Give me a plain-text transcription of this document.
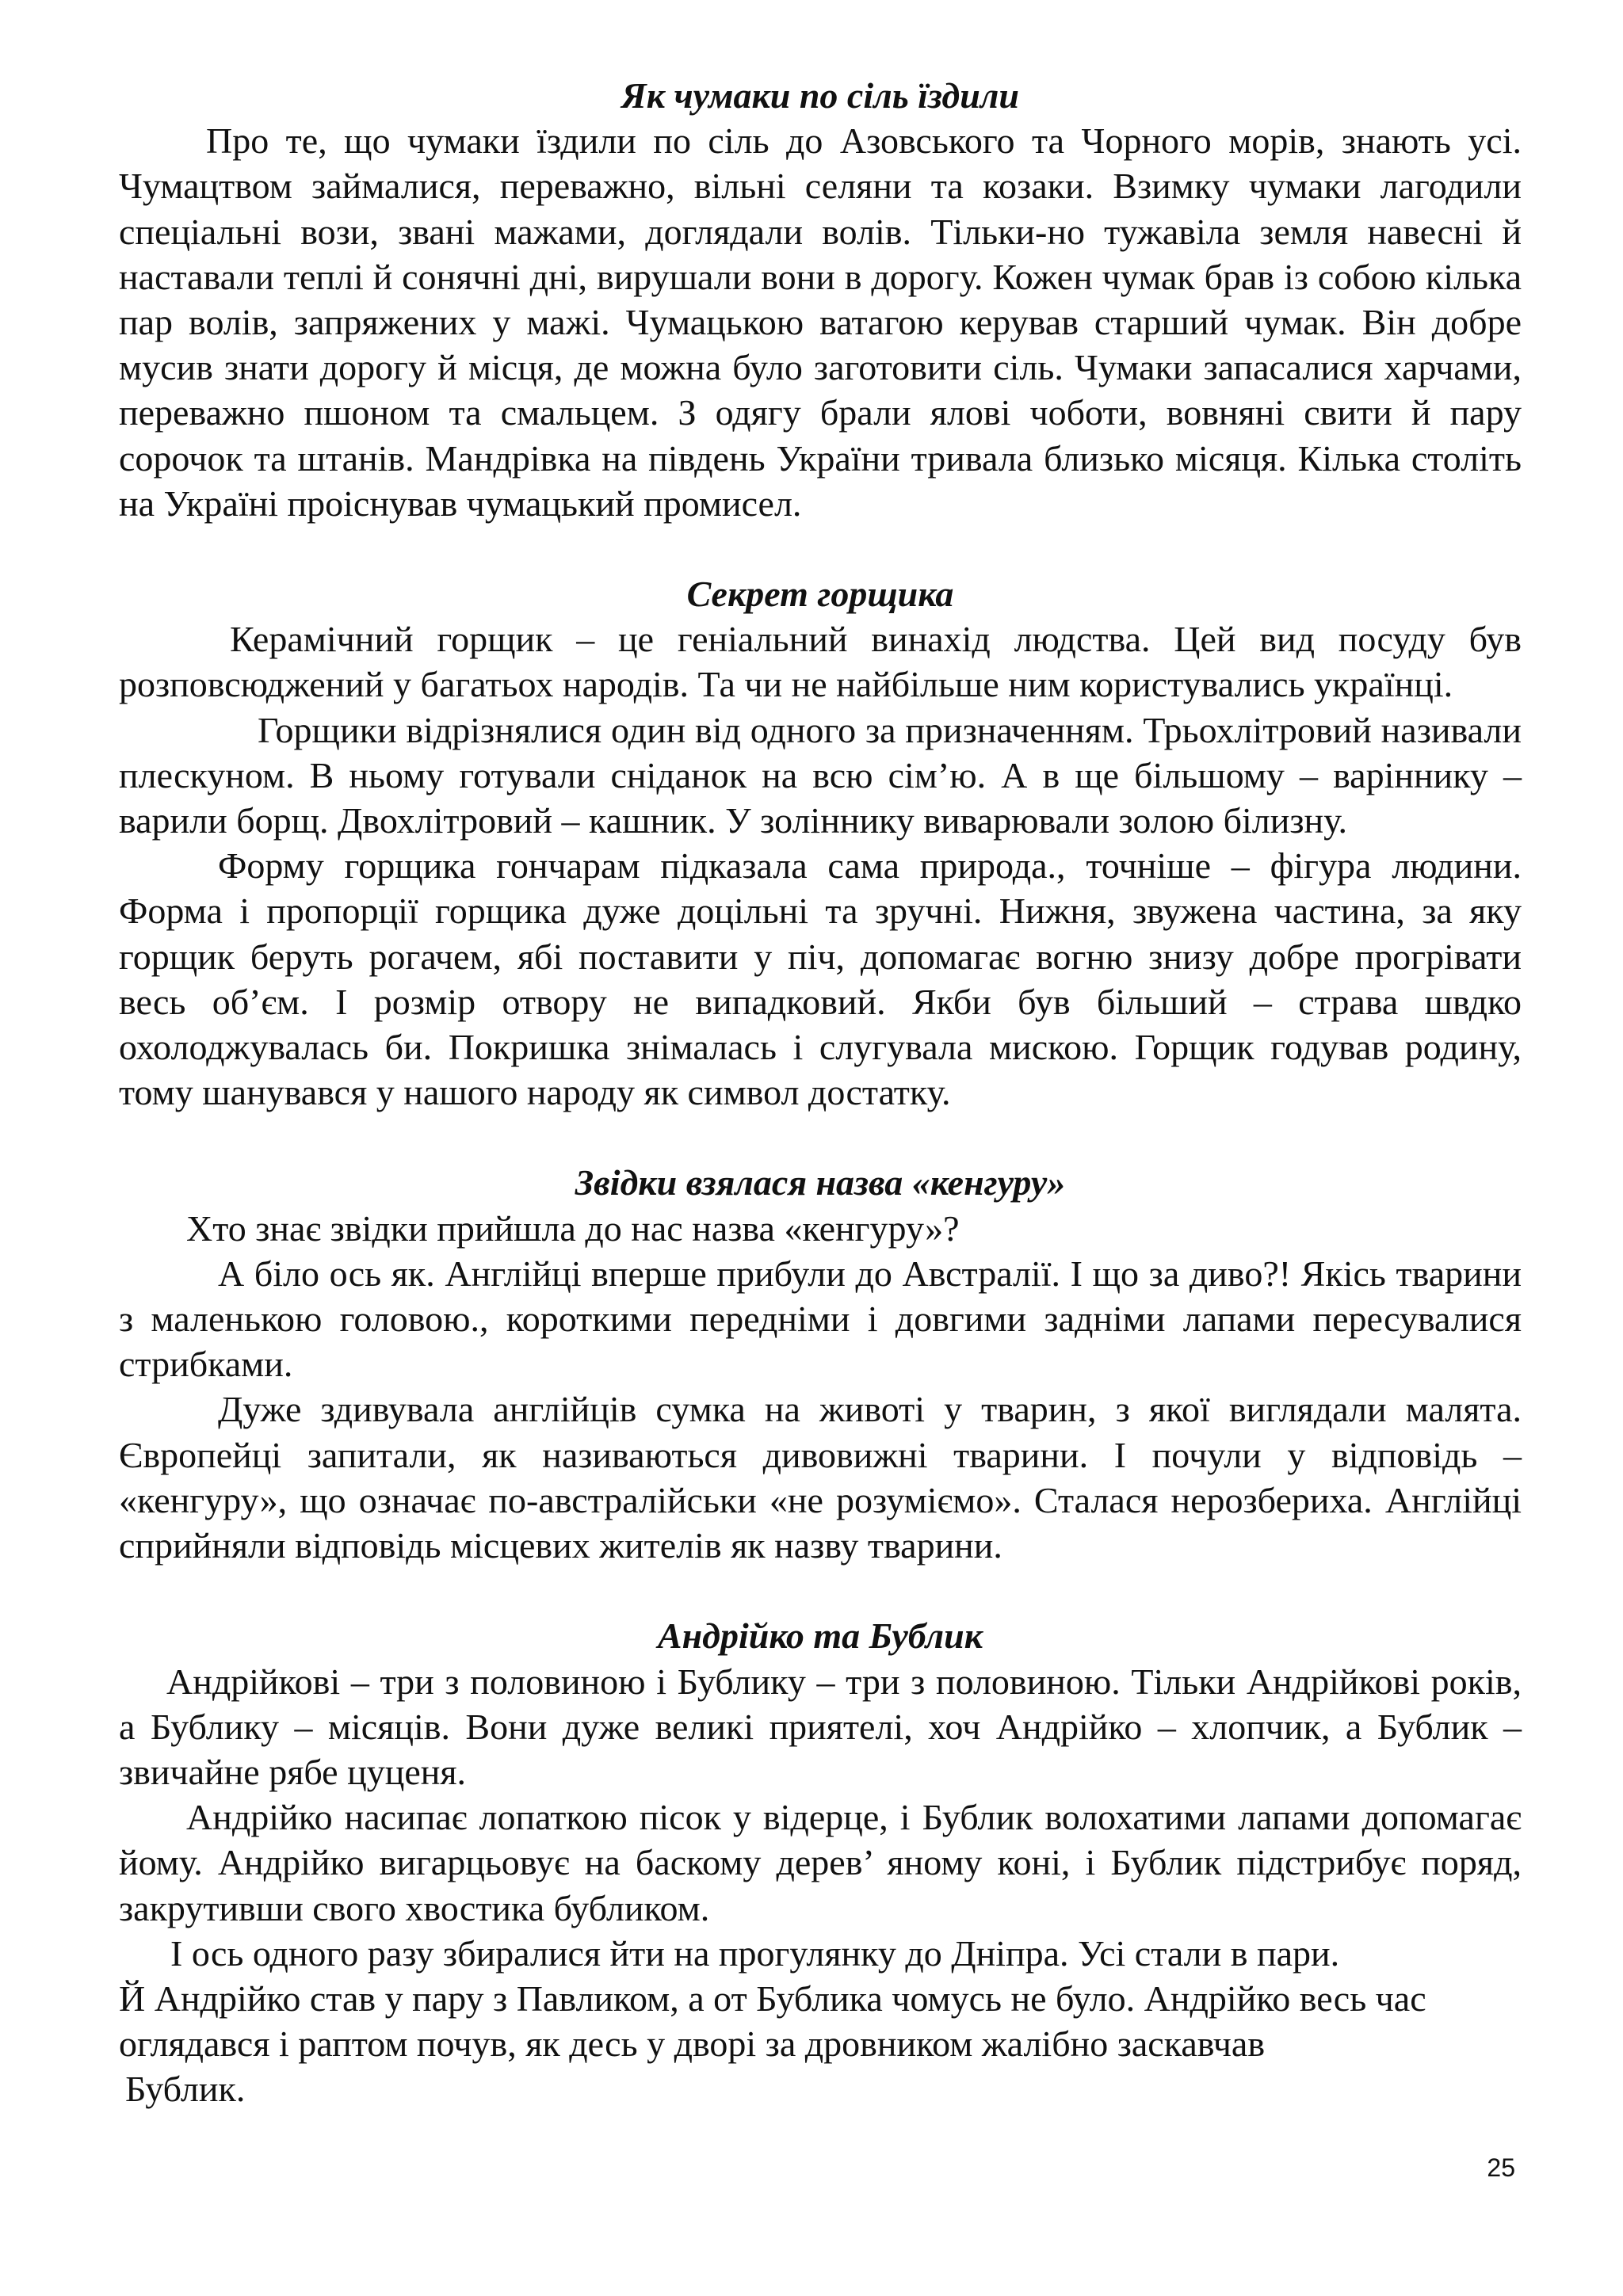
Як чумаки по сіль їздили

Про те, що чумаки їздили по сіль до Азовського та Чорного морів, знають усі. Чумацтвом займалися, переважно, вільні селяни та козаки. Взимку чумаки лагодили спеціальні вози, звані мажами, доглядали волів. Тільки-но тужавіла земля навесні й наставали теплі й сонячні дні, вирушали вони в дорогу. Кожен чумак брав із собою кілька пар волів, запряжених у мажі. Чумацькою ватагою керував старший чумак. Він добре мусив знати дорогу й місця, де можна було заготовити сіль. Чумаки запасалися харчами, переважно пшоном та смальцем. З одягу брали ялові чоботи, вовняні свити й пару сорочок та штанів. Мандрівка на південь України тривала близько місяця. Кілька століть на Україні проіснував чумацький промисел.

Секрет горщика

Керамічний горщик – це геніальний винахід людства. Цей вид посуду був розповсюджений у багатьох народів. Та чи не найбільше ним користувались українці.

Горщики відрізнялися один від одного за призначенням. Трьохлітровий називали плескуном. В ньому готували сніданок на всю сім’ю. А в ще більшому – варіннику – варили борщ. Двохлітровий – кашник. У золіннику виварювали золою білизну.

Форму горщика гончарам підказала сама природа., точніше – фігура людини. Форма і пропорції горщика дуже доцільні та зручні. Нижня, звужена частина, за яку горщик беруть рогачем, ябі поставити у піч, допомагає вогню знизу добре прогрівати весь об’єм. І розмір отвору не випадковий. Якби був більший – страва швдко охолоджувалась би. Покришка знімалась і слугувала мискою. Горщик годував родину, тому шанувався у нашого народу як символ достатку.

Звідки взялася назва «кенгуру»

Хто знає звідки прийшла до нас назва «кенгуру»?

А біло ось як. Англійці вперше прибули до Австралії. І що за диво?! Якісь тварини з маленькою головою., короткими передніми і довгими задніми лапами пересувалися стрибками.

Дуже здивувала англійців сумка на животі у тварин, з якої виглядали малята. Європейці запитали, як називаються дивовижні тварини. І почули у відповідь – «кенгуру», що означає по-австралійськи «не розуміємо». Сталася нерозбериха. Англійці сприйняли відповідь місцевих жителів як назву тварини.

Андрійко та Бублик

Андрійкові – три з половиною і Бублику – три з половиною. Тільки Андрійкові років, а Бублику – місяців. Вони дуже великі приятелі, хоч Андрійко – хлопчик, а Бублик – звичайне рябе цуценя.

Андрійко насипає лопаткою пісок у відерце, і Бублик волохатими лапами допомагає йому. Андрійко вигарцьовує на баскому дерев’ яному коні, і Бублик підстрибує поряд, закрутивши свого хвостика бубликом.

І ось одного разу збиралися йти на прогулянку до Дніпра. Усі стали в пари.

Й Андрійко став у пару з Павликом, а от Бублика чомусь не було. Андрійко весь час оглядався і раптом почув, як десь у дворі за дровником жалібно заскавчав

Бублик.

25
